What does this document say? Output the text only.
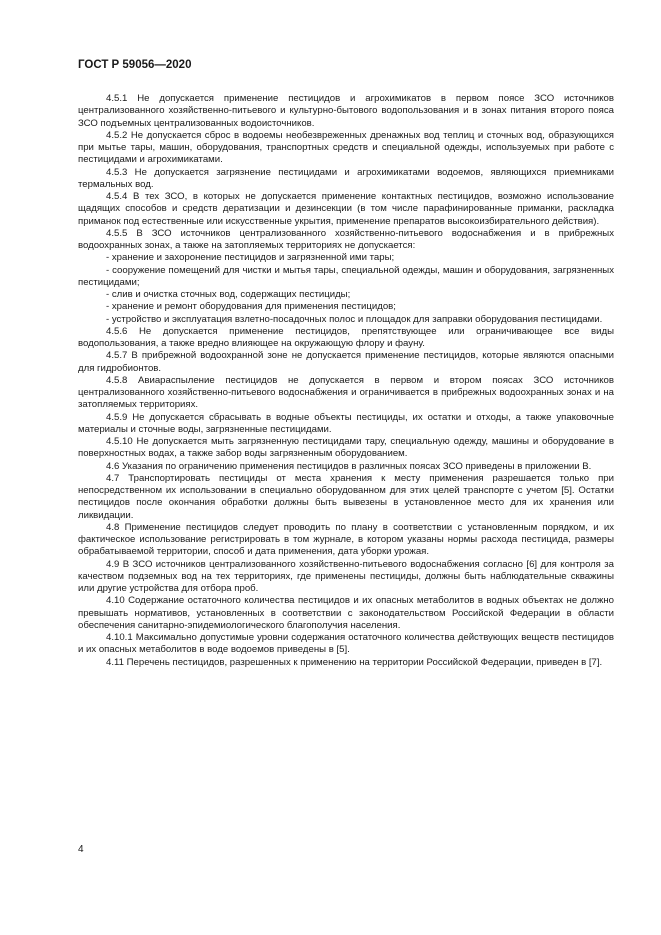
ГОСТ Р 59056—2020

4.5.1 Не допускается применение пестицидов и агрохимикатов в первом поясе ЗСО источников централизованного хозяйственно-питьевого и культурно-бытового водопользования и в зонах питания второго пояса ЗСО подъемных централизованных водоисточников.

4.5.2 Не допускается сброс в водоемы необезвреженных дренажных вод теплиц и сточных вод, образующихся при мытье тары, машин, оборудования, транспортных средств и специальной одежды, используемых при работе с пестицидами и агрохимикатами.

4.5.3 Не допускается загрязнение пестицидами и агрохимикатами водоемов, являющихся приемниками термальных вод.

4.5.4 В тех ЗСО, в которых не допускается применение контактных пестицидов, возможно использование щадящих способов и средств дератизации и дезинсекции (в том числе парафинированные приманки, раскладка приманок под естественные или искусственные укрытия, применение препаратов высокоизбирательного действия).

4.5.5 В ЗСО источников централизованного хозяйственно-питьевого водоснабжения и в прибрежных водоохранных зонах, а также на затопляемых территориях не допускается:

- хранение и захоронение пестицидов и загрязненной ими тары;

- сооружение помещений для чистки и мытья тары, специальной одежды, машин и оборудования, загрязненных пестицидами;

- слив и очистка сточных вод, содержащих пестициды;

- хранение и ремонт оборудования для применения пестицидов;

- устройство и эксплуатация взлетно-посадочных полос и площадок для заправки оборудования пестицидами.

4.5.6 Не допускается применение пестицидов, препятствующее или ограничивающее все виды водопользования, а также вредно влияющее на окружающую флору и фауну.

4.5.7 В прибрежной водоохранной зоне не допускается применение пестицидов, которые являются опасными для гидробионтов.

4.5.8 Авиараспыление пестицидов не допускается в первом и втором поясах ЗСО источников централизованного хозяйственно-питьевого водоснабжения и ограничивается в прибрежных водоохранных зонах и на затопляемых территориях.

4.5.9 Не допускается сбрасывать в водные объекты пестициды, их остатки и отходы, а также упаковочные материалы и сточные воды, загрязненные пестицидами.

4.5.10 Не допускается мыть загрязненную пестицидами тару, специальную одежду, машины и оборудование в поверхностных водах, а также забор воды загрязненным оборудованием.

4.6 Указания по ограничению применения пестицидов в различных поясах ЗСО приведены в приложении В.

4.7 Транспортировать пестициды от места хранения к месту применения разрешается только при непосредственном их использовании в специально оборудованном для этих целей транспорте с учетом [5]. Остатки пестицидов после окончания обработки должны быть вывезены в установленное место для их хранения или ликвидации.

4.8 Применение пестицидов следует проводить по плану в соответствии с установленным порядком, и их фактическое использование регистрировать в том журнале, в котором указаны нормы расхода пестицида, размеры обрабатываемой территории, способ и дата применения, дата уборки урожая.

4.9 В ЗСО источников централизованного хозяйственно-питьевого водоснабжения согласно [6] для контроля за качеством подземных вод на тех территориях, где применены пестициды, должны быть наблюдательные скважины или другие устройства для отбора проб.

4.10 Содержание остаточного количества пестицидов и их опасных метаболитов в водных объектах не должно превышать нормативов, установленных в соответствии с законодательством Российской Федерации в области обеспечения санитарно-эпидемиологического благополучия населения.

4.10.1 Максимально допустимые уровни содержания остаточного количества действующих веществ пестицидов и их опасных метаболитов в воде водоемов приведены в [5].

4.11 Перечень пестицидов, разрешенных к применению на территории Российской Федерации, приведен в [7].

4
